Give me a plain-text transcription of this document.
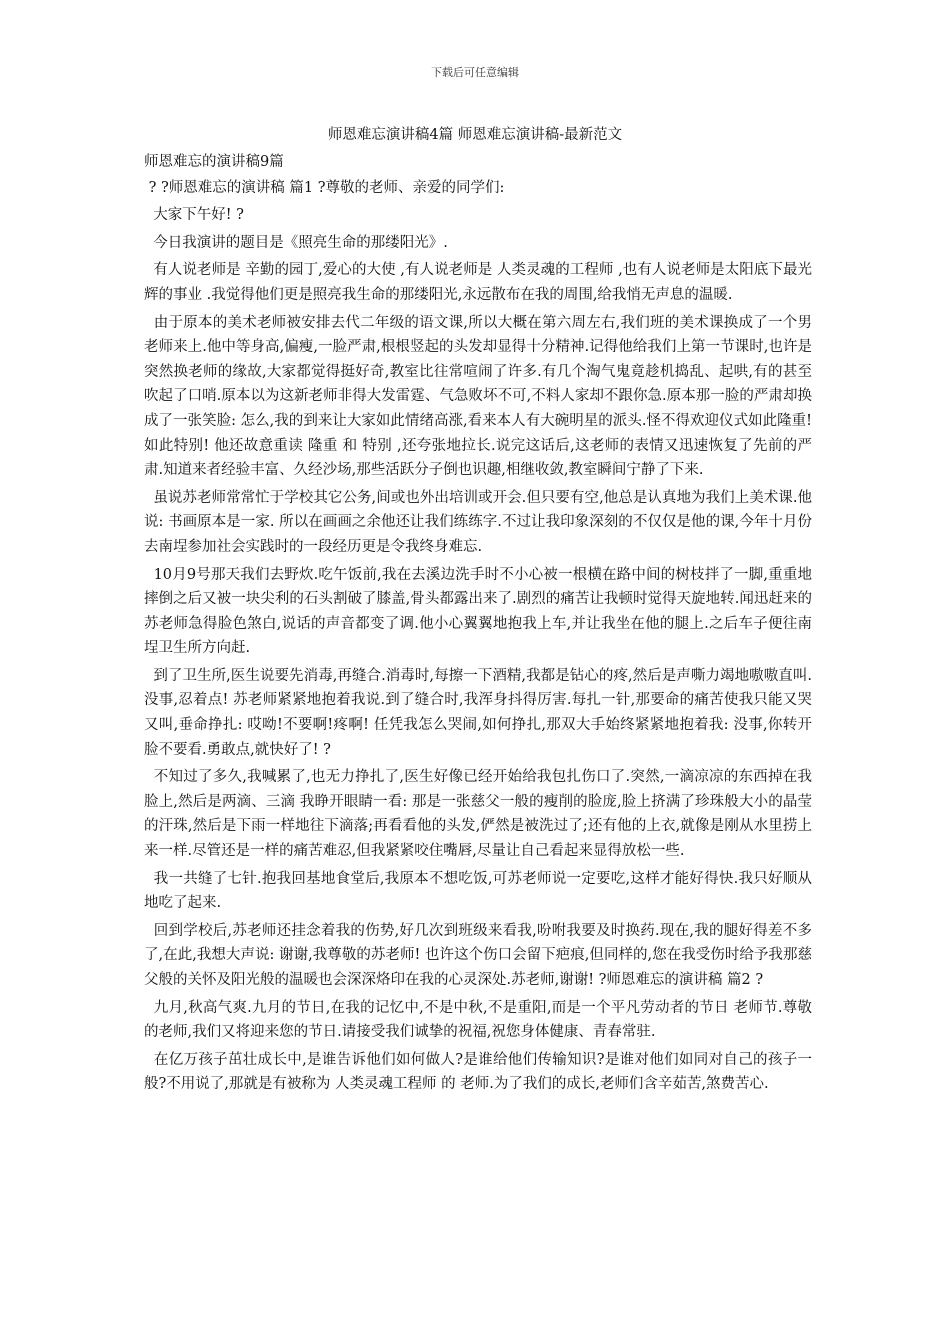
下载后可任意编辑
师恩难忘演讲稿4篇 师恩难忘演讲稿-最新范文

师恩难忘的演讲稿9篇

? ?师恩难忘的演讲稿 篇1 ?尊敬的老师、亲爱的同学们:

大家下午好! ?

今日我演讲的题目是《照亮生命的那缕阳光》.

有人说老师是 辛勤的园丁,爱心的大使 ,有人说老师是 人类灵魂的工程师 ,也有人说老师是太阳底下最光辉的事业 .我觉得他们更是照亮我生命的那缕阳光,永远散布在我的周围,给我悄无声息的温暖.

由于原本的美术老师被安排去代二年级的语文课,所以大概在第六周左右,我们班的美术课换成了一个男老师来上.他中等身高,偏瘦,一脸严肃,根根竖起的头发却显得十分精神.记得他给我们上第一节课时,也许是突然换老师的缘故,大家都觉得挺好奇,教室比往常喧闹了许多.有几个淘气鬼竟趁机捣乱、起哄,有的甚至吹起了口哨.原本以为这新老师非得大发雷霆、气急败坏不可,不料人家却不跟你急.原本那一脸的严肃却换成了一张笑脸: 怎么,我的到来让大家如此情绪高涨,看来本人有大碗明星的派头.怪不得欢迎仪式如此隆重!如此特别! 他还故意重读 隆重 和 特别 ,还夸张地拉长.说完这话后,这老师的表情又迅速恢复了先前的严肃.知道来者经验丰富、久经沙场,那些活跃分子倒也识趣,相继收敛,教室瞬间宁静了下来.

虽说苏老师常常忙于学校其它公务,间或也外出培训或开会.但只要有空,他总是认真地为我们上美术课.他说: 书画原本是一家. 所以在画画之余他还让我们练练字.不过让我印象深刻的不仅仅是他的课,今年十月份去南埕参加社会实践时的一段经历更是令我终身难忘.

10月9号那天我们去野炊.吃午饭前,我在去溪边洗手时不小心被一根横在路中间的树枝拌了一脚,重重地摔倒之后又被一块尖利的石头割破了膝盖,骨头都露出来了.剧烈的痛苦让我顿时觉得天旋地转.闻迅赶来的苏老师急得脸色煞白,说话的声音都变了调.他小心翼翼地抱我上车,并让我坐在他的腿上.之后车子便往南埕卫生所方向赶.

到了卫生所,医生说要先消毒,再缝合.消毒时,每擦一下酒精,我都是钻心的疼,然后是声嘶力竭地嗷嗷直叫. 没事,忍着点! 苏老师紧紧地抱着我说.到了缝合时,我浑身抖得厉害.每扎一针,那要命的痛苦使我只能又哭又叫,垂命挣扎: 哎呦!不要啊!疼啊! 任凭我怎么哭闹,如何挣扎,那双大手始终紧紧地抱着我: 没事,你转开脸不要看.勇敢点,就快好了! ?

不知过了多久,我喊累了,也无力挣扎了,医生好像已经开始给我包扎伤口了.突然,一滴凉凉的东西掉在我脸上,然后是两滴、三滴 我睁开眼睛一看: 那是一张慈父一般的瘦削的脸庞,脸上挤满了珍珠般大小的晶莹的汗珠,然后是下雨一样地往下滴落;再看看他的头发,俨然是被洗过了;还有他的上衣,就像是刚从水里捞上来一样.尽管还是一样的痛苦难忍,但我紧紧咬住嘴唇,尽量让自己看起来显得放松一些.

我一共缝了七针.抱我回基地食堂后,我原本不想吃饭,可苏老师说一定要吃,这样才能好得快.我只好顺从地吃了起来.

回到学校后,苏老师还挂念着我的伤势,好几次到班级来看我,吩咐我要及时换药.现在,我的腿好得差不多了,在此,我想大声说: 谢谢,我尊敬的苏老师! 也许这个伤口会留下疤痕,但同样的,您在我受伤时给予我那慈父般的关怀及阳光般的温暖也会深深烙印在我的心灵深处.苏老师,谢谢! ?师恩难忘的演讲稿 篇2 ?

九月,秋高气爽.九月的节日,在我的记忆中,不是中秋,不是重阳,而是一个平凡劳动者的节日 老师节.尊敬的老师,我们又将迎来您的节日.请接受我们诚挚的祝福,祝您身体健康、青春常驻.

在亿万孩子茁壮成长中,是谁告诉他们如何做人?是谁给他们传输知识?是谁对他们如同对自己的孩子一般?不用说了,那就是有被称为 人类灵魂工程师 的 老师.为了我们的成长,老师们含辛茹苦,煞费苦心.
